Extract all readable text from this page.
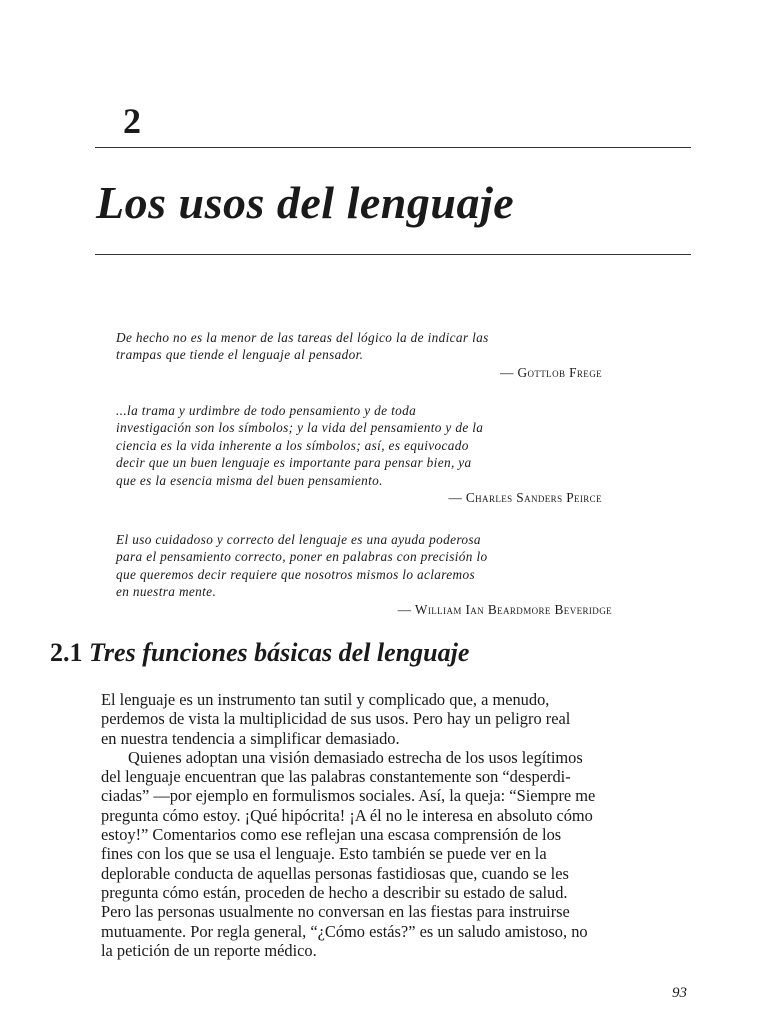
2
Los usos del lenguaje
De hecho no es la menor de las tareas del lógico la de indicar las
trampas que tiende el lenguaje al pensador.
— Gottlob Frege
...la trama y urdimbre de todo pensamiento y de toda
investigación son los símbolos; y la vida del pensamiento y de la
ciencia es la vida inherente a los símbolos; así, es equivocado
decir que un buen lenguaje es importante para pensar bien, ya
que es la esencia misma del buen pensamiento.
— Charles Sanders Peirce
El uso cuidadoso y correcto del lenguaje es una ayuda poderosa
para el pensamiento correcto, poner en palabras con precisión lo
que queremos decir requiere que nosotros mismos lo aclaremos
en nuestra mente.
— William Ian Beardmore Beveridge
2.1 Tres funciones básicas del lenguaje
El lenguaje es un instrumento tan sutil y complicado que, a menudo,
perdemos de vista la multiplicidad de sus usos. Pero hay un peligro real
en nuestra tendencia a simplificar demasiado.
Quienes adoptan una visión demasiado estrecha de los usos legítimos
del lenguaje encuentran que las palabras constantemente son “desperdi-
ciadas” —por ejemplo en formulismos sociales. Así, la queja: “Siempre me
pregunta cómo estoy. ¡Qué hipócrita! ¡A él no le interesa en absoluto cómo
estoy!” Comentarios como ese reflejan una escasa comprensión de los
fines con los que se usa el lenguaje. Esto también se puede ver en la
deplorable conducta de aquellas personas fastidiosas que, cuando se les
pregunta cómo están, proceden de hecho a describir su estado de salud.
Pero las personas usualmente no conversan en las fiestas para instruirse
mutuamente. Por regla general, “¿Cómo estás?” es un saludo amistoso, no
la petición de un reporte médico.
93
